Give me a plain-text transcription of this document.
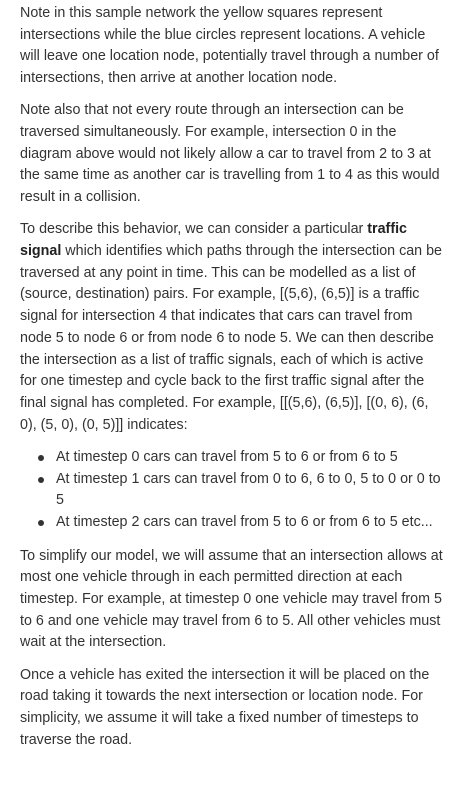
Note in this sample network the yellow squares represent intersections while the blue circles represent locations. A vehicle will leave one location node, potentially travel through a number of intersections, then arrive at another location node.

Note also that not every route through an intersection can be traversed simultaneously. For example, intersection 0 in the diagram above would not likely allow a car to travel from 2 to 3 at the same time as another car is travelling from 1 to 4 as this would result in a collision.

To describe this behavior, we can consider a particular traffic signal which identifies which paths through the intersection can be traversed at any point in time. This can be modelled as a list of (source, destination) pairs. For example, [(5,6), (6,5)] is a traffic signal for intersection 4 that indicates that cars can travel from node 5 to node 6 or from node 6 to node 5. We can then describe the intersection as a list of traffic signals, each of which is active for one timestep and cycle back to the first traffic signal after the final signal has completed. For example, [[(5,6), (6,5)], [(0, 6), (6, 0), (5, 0), (0, 5)]] indicates:

At timestep 0 cars can travel from 5 to 6 or from 6 to 5
At timestep 1 cars can travel from 0 to 6, 6 to 0, 5 to 0 or 0 to 5
At timestep 2 cars can travel from 5 to 6 or from 6 to 5 etc...

To simplify our model, we will assume that an intersection allows at most one vehicle through in each permitted direction at each timestep. For example, at timestep 0 one vehicle may travel from 5 to 6 and one vehicle may travel from 6 to 5. All other vehicles must wait at the intersection.

Once a vehicle has exited the intersection it will be placed on the road taking it towards the next intersection or location node. For simplicity, we assume it will take a fixed number of timesteps to traverse the road.
